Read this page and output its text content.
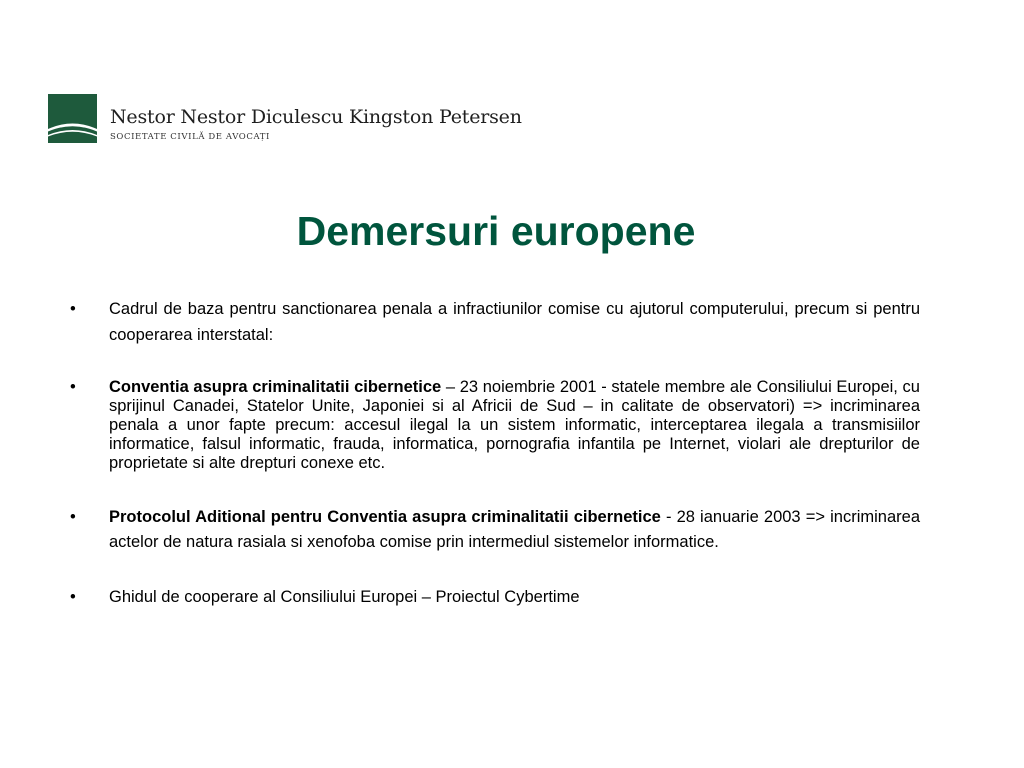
Nestor Nestor Diculescu Kingston Petersen
SOCIETATE CIVILĂ DE AVOCAȚI
Demersuri europene
• Cadrul de baza pentru sanctionarea penala a infractiunilor comise cu ajutorul computerului, precum si pentru cooperarea interstatal:
• Conventia asupra criminalitatii cibernetice – 23 noiembrie 2001 - statele membre ale Consiliului Europei, cu sprijinul Canadei, Statelor Unite, Japoniei si al Africii de Sud – in calitate de observatori) => incriminarea penala a unor fapte precum: accesul ilegal la un sistem informatic, interceptarea ilegala a transmisiilor informatice, falsul informatic, frauda, informatica, pornografia infantila pe Internet, violari ale drepturilor de proprietate si alte drepturi conexe etc.
• Protocolul Aditional pentru Conventia asupra criminalitatii cibernetice - 28 ianuarie 2003 => incriminarea actelor de natura rasiala si xenofoba comise prin intermediul sistemelor informatice.
• Ghidul de cooperare al Consiliului Europei – Proiectul Cybertime
